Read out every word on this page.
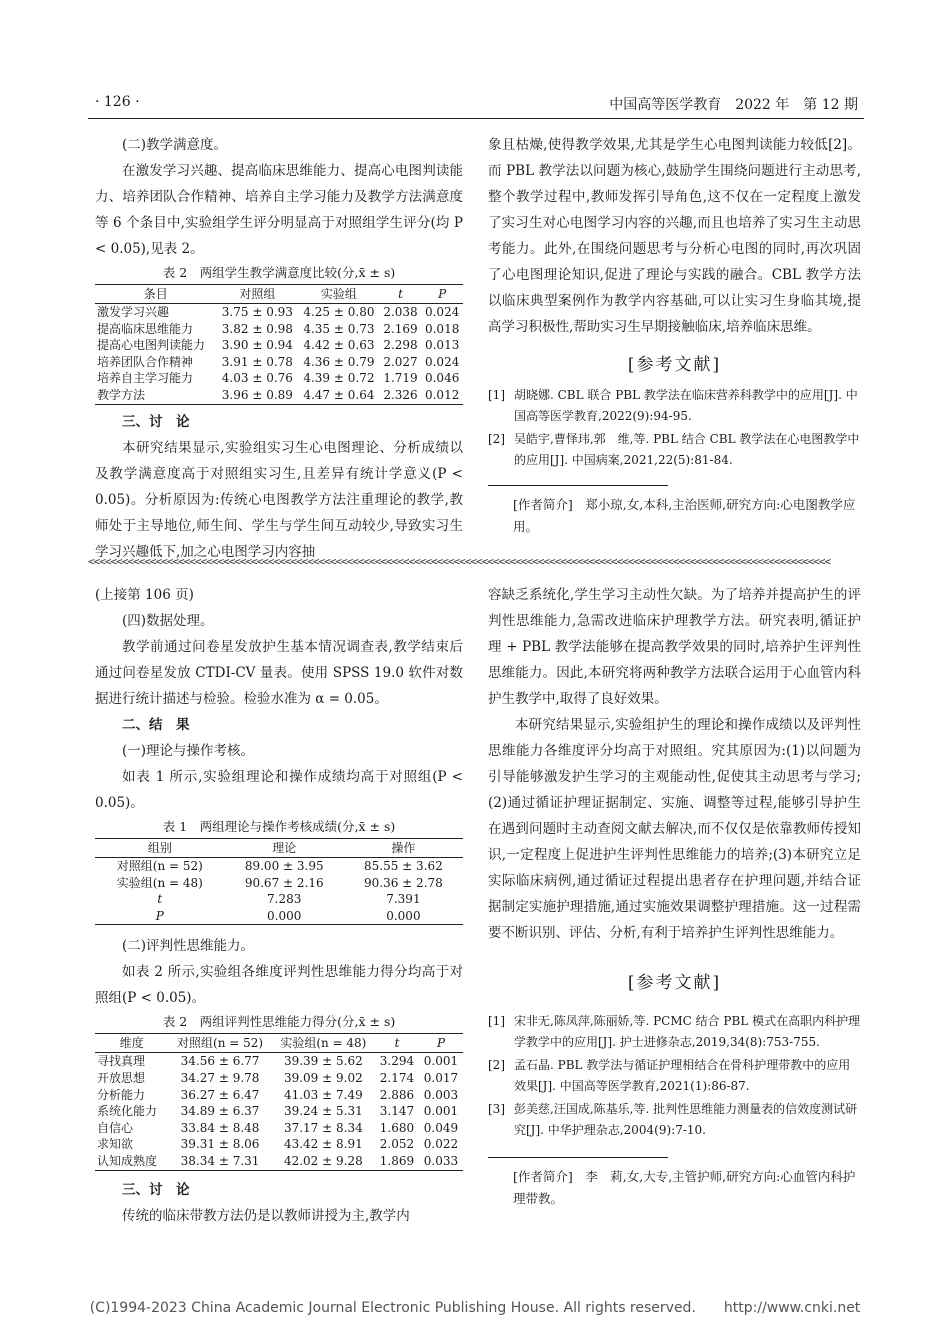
· 126 ·	中国高等医学教育　2022 年　第 12 期

(二)教学满意度。

在激发学习兴趣、提高临床思维能力、提高心电图判读能力、培养团队合作精神、培养自主学习能力及教学方法满意度等 6 个条目中,实验组学生评分明显高于对照组学生评分(均 P < 0.05),见表 2。

表 2　两组学生教学满意度比较(分,x̄ ± s)
条目	对照组	实验组	t	P
激发学习兴趣	3.75 ± 0.93	4.25 ± 0.80	2.038	0.024
提高临床思维能力	3.82 ± 0.98	4.35 ± 0.73	2.169	0.018
提高心电图判读能力	3.90 ± 0.94	4.42 ± 0.63	2.298	0.013
培养团队合作精神	3.91 ± 0.78	4.36 ± 0.79	2.027	0.024
培养自主学习能力	4.03 ± 0.76	4.39 ± 0.72	1.719	0.046
教学方法	3.96 ± 0.89	4.47 ± 0.64	2.326	0.012

三、讨　论

本研究结果显示,实验组实习生心电图理论、分析成绩以及教学满意度高于对照组实习生,且差异有统计学意义(P < 0.05)。分析原因为:传统心电图教学方法注重理论的教学,教师处于主导地位,师生间、学生与学生间互动较少,导致实习生学习兴趣低下,加之心电图学习内容抽

象且枯燥,使得教学效果,尤其是学生心电图判读能力较低[2]。而 PBL 教学法以问题为核心,鼓励学生围绕问题进行主动思考,整个教学过程中,教师发挥引导角色,这不仅在一定程度上激发了实习生对心电图学习内容的兴趣,而且也培养了实习生主动思考能力。此外,在围绕问题思考与分析心电图的同时,再次巩固了心电图理论知识,促进了理论与实践的融合。CBL 教学方法以临床典型案例作为教学内容基础,可以让实习生身临其境,提高学习积极性,帮助实习生早期接触临床,培养临床思维。

[参考文献]
[1] 胡晓娜. CBL 联合 PBL 教学法在临床营养科教学中的应用[J]. 中国高等医学教育,2022(9):94-95.
[2] 吴皓宇,曹怿玮,郭　维,等. PBL 结合 CBL 教学法在心电图教学中的应用[J]. 中国病案,2021,22(5):81-84.
[作者简介]　郑小琼,女,本科,主治医师,研究方向:心电图教学应用。
<<<<<<<<<<<<<<<<<<<<<<<<<<<<<<<<<<<<<<<<<<<<<<<<<<<<<<<<<<<<<<<<<<<<<<<<<<<<<<<<<<<<<<<<<<<<<<<<<<<<<<<<<<<<<<<<<<<<<<<<<<<<<<<<<<<<

(上接第 106 页)

(四)数据处理。

教学前通过问卷星发放护生基本情况调查表,教学结束后通过问卷星发放 CTDI-CV 量表。使用 SPSS 19.0 软件对数据进行统计描述与检验。检验水准为 α = 0.05。

二、结　果

(一)理论与操作考核。

如表 1 所示,实验组理论和操作成绩均高于对照组(P < 0.05)。

表 1　两组理论与操作考核成绩(分,x̄ ± s)
组别	理论	操作
对照组(n = 52)	89.00 ± 3.95	85.55 ± 3.62
实验组(n = 48)	90.67 ± 2.16	90.36 ± 2.78
t	7.283	7.391
P	0.000	0.000

(二)评判性思维能力。

如表 2 所示,实验组各维度评判性思维能力得分均高于对照组(P < 0.05)。

表 2　两组评判性思维能力得分(分,x̄ ± s)
维度	对照组(n = 52)	实验组(n = 48)	t	P
寻找真理	34.56 ± 6.77	39.39 ± 5.62	3.294	0.001
开放思想	34.27 ± 9.78	39.09 ± 9.02	2.174	0.017
分析能力	36.27 ± 6.47	41.03 ± 7.49	2.886	0.003
系统化能力	34.89 ± 6.37	39.24 ± 5.31	3.147	0.001
自信心	33.84 ± 8.48	37.17 ± 8.34	1.680	0.049
求知欲	39.31 ± 8.06	43.42 ± 8.91	2.052	0.022
认知成熟度	38.34 ± 7.31	42.02 ± 9.28	1.869	0.033

三、讨　论

传统的临床带教方法仍是以教师讲授为主,教学内

容缺乏系统化,学生学习主动性欠缺。为了培养并提高护生的评判性思维能力,急需改进临床护理教学方法。研究表明,循证护理 + PBL 教学法能够在提高教学效果的同时,培养护生评判性思维能力。因此,本研究将两种教学方法联合运用于心血管内科护生教学中,取得了良好效果。

本研究结果显示,实验组护生的理论和操作成绩以及评判性思维能力各维度评分均高于对照组。究其原因为:(1)以问题为引导能够激发护生学习的主观能动性,促使其主动思考与学习;(2)通过循证护理证据制定、实施、调整等过程,能够引导护生在遇到问题时主动查阅文献去解决,而不仅仅是依靠教师传授知识,一定程度上促进护生评判性思维能力的培养;(3)本研究立足实际临床病例,通过循证过程提出患者存在护理问题,并结合证据制定实施护理措施,通过实施效果调整护理措施。这一过程需要不断识别、评估、分析,有利于培养护生评判性思维能力。

[参考文献]
[1] 宋非无,陈凤萍,陈丽娇,等. PCMC 结合 PBL 模式在高职内科护理学教学中的应用[J]. 护士进修杂志,2019,34(8):753-755.
[2] 孟石晶. PBL 教学法与循证护理相结合在骨科护理带教中的应用效果[J]. 中国高等医学教育,2021(1):86-87.
[3] 彭美慈,汪国成,陈基乐,等. 批判性思维能力测量表的信效度测试研究[J]. 中华护理杂志,2004(9):7-10.
[作者简介]　李　莉,女,大专,主管护师,研究方向:心血管内科护理带教。
(C)1994-2023 China Academic Journal Electronic Publishing House. All rights reserved.　　http://www.cnki.net
